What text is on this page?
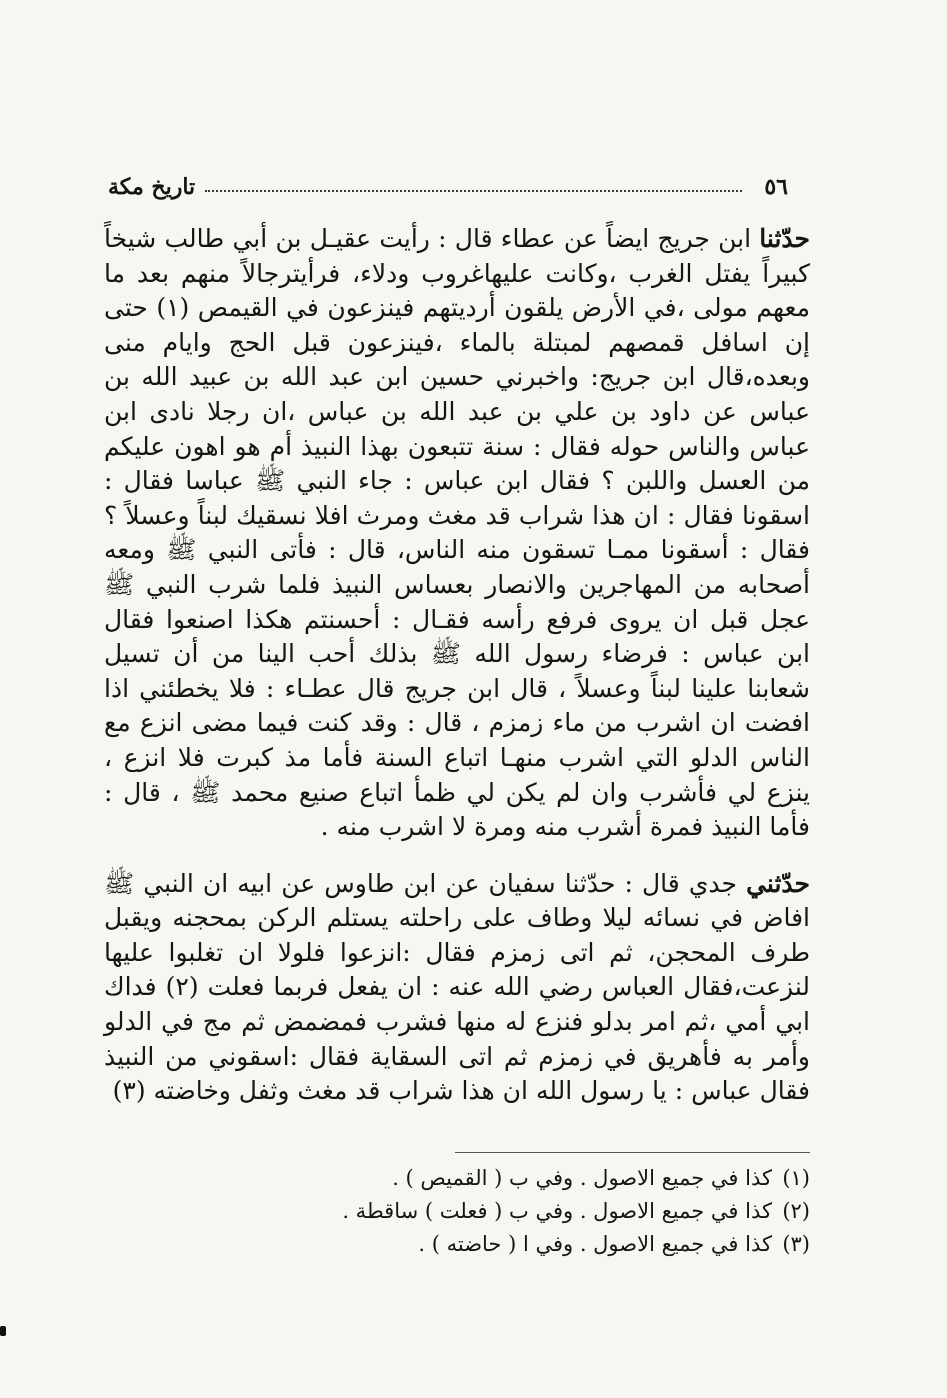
٥٦
تاريخ مكة

حدّثنا ابن جريج ايضاً عن عطاء قال : رأيت عقيـل بن أبي طالب شيخاً كبيراً يفتل الغرب ،وكانت عليهاغروب ودلاء، فرأيترجالاً منهم بعد ما معهم مولى ،في الأرض يلقون أرديتهم فينزعون في القيمص (١) حتى إن اسافل قمصهم لمبتلة بالماء ،فينزعون قبل الحج وايام منى وبعده،قال ابن جريج: واخبرني حسين ابن عبد الله بن عبيد الله بن عباس عن داود بن علي بن عبد الله بن عباس ،ان رجلا نادى ابن عباس والناس حوله فقال : سنة تتبعون بهذا النبيذ أم هو اهون عليكم من العسل واللبن ؟ فقال ابن عباس : جاء النبي ﷺ عباسا فقال : اسقونا فقال : ان هذا شراب قد مغث ومرث افلا نسقيك لبناً وعسلاً ؟ فقال : أسقونا ممـا تسقون منه الناس، قال : فأتى النبي ﷺ ومعه أصحابه من المهاجرين والانصار بعساس النبيذ فلما شرب النبي ﷺ عجل قبل ان يروى فرفع رأسه فقـال : أحسنتم هكذا اصنعوا فقال ابن عباس : فرضاء رسول الله ﷺ بذلك أحب الينا من أن تسيل شعابنا علينا لبناً وعسلاً ، قال ابن جريج قال عطـاء : فلا يخطئني اذا افضت ان اشرب من ماء زمزم ، قال : وقد كنت فيما مضى انزع مع الناس الدلو التي اشرب منهـا اتباع السنة فأما مذ كبرت فلا انزع ، ينزع لي فأشرب وان لم يكن لي ظمأ اتباع صنيع محمد ﷺ ، قال : فأما النبيذ فمرة أشرب منه ومرة لا اشرب منه .

حدّثني جدي قال : حدّثنا سفيان عن ابن طاوس عن ابيه ان النبي ﷺ افاض في نسائه ليلا وطاف على راحلته يستلم الركن بمحجنه ويقبل طرف المحجن، ثم اتى زمزم فقال :انزعوا فلولا ان تغلبوا عليها لنزعت،فقال العباس رضي الله عنه : ان يفعل فربما فعلت (٢) فداك ابي أمي ،ثم امر بدلو فنزع له منها فشرب فمضمض ثم مج في الدلو وأمر به فأهريق في زمزم ثم اتى السقاية فقال :اسقوني من النبيذ فقال عباس : يا رسول الله ان هذا شراب قد مغث وثفل وخاضته (٣)

(١)
كذا في جميع الاصول . وفي ب ( القميص ) .
(٢)
كذا في جميع الاصول . وفي ب ( فعلت ) ساقطة .
(٣)
كذا في جميع الاصول . وفي ا ( حاضته ) .
